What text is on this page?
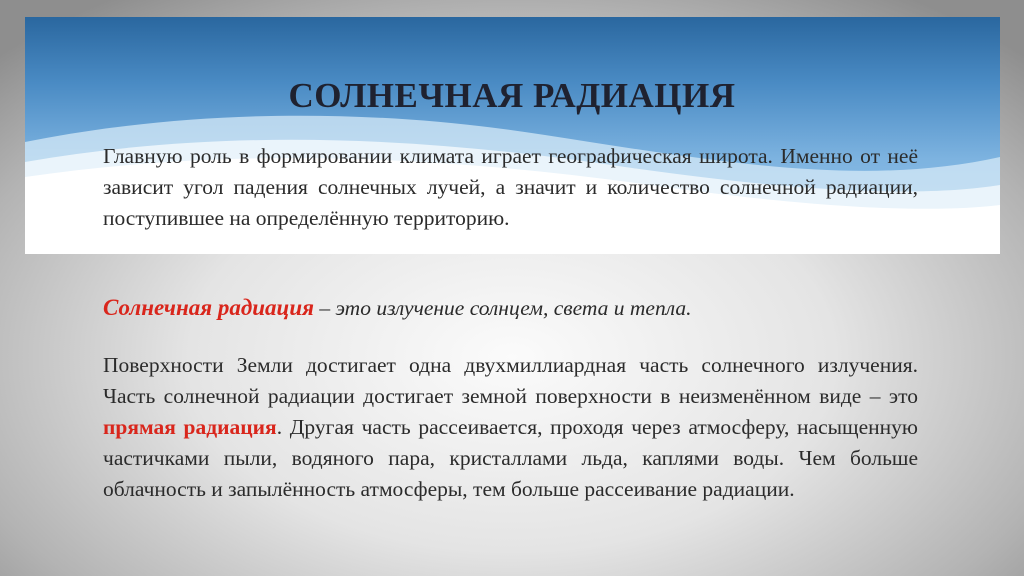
СОЛНЕЧНАЯ РАДИАЦИЯ

Главную роль в формировании климата играет географическая широта. Именно от неё зависит угол падения солнечных лучей, а значит и количество солнечной радиации, поступившее на определённую территорию.

Солнечная радиация – это излучение солнцем, света и тепла.

Поверхности Земли достигает одна двухмиллиардная часть солнечного излучения. Часть солнечной радиации достигает земной поверхности в неизменённом виде – это прямая радиация. Другая часть рассеивается, проходя через атмосферу, насыщенную частичками пыли, водяного пара, кристаллами льда, каплями воды. Чем больше облачность и запылённость атмосферы, тем больше рассеивание радиации.
